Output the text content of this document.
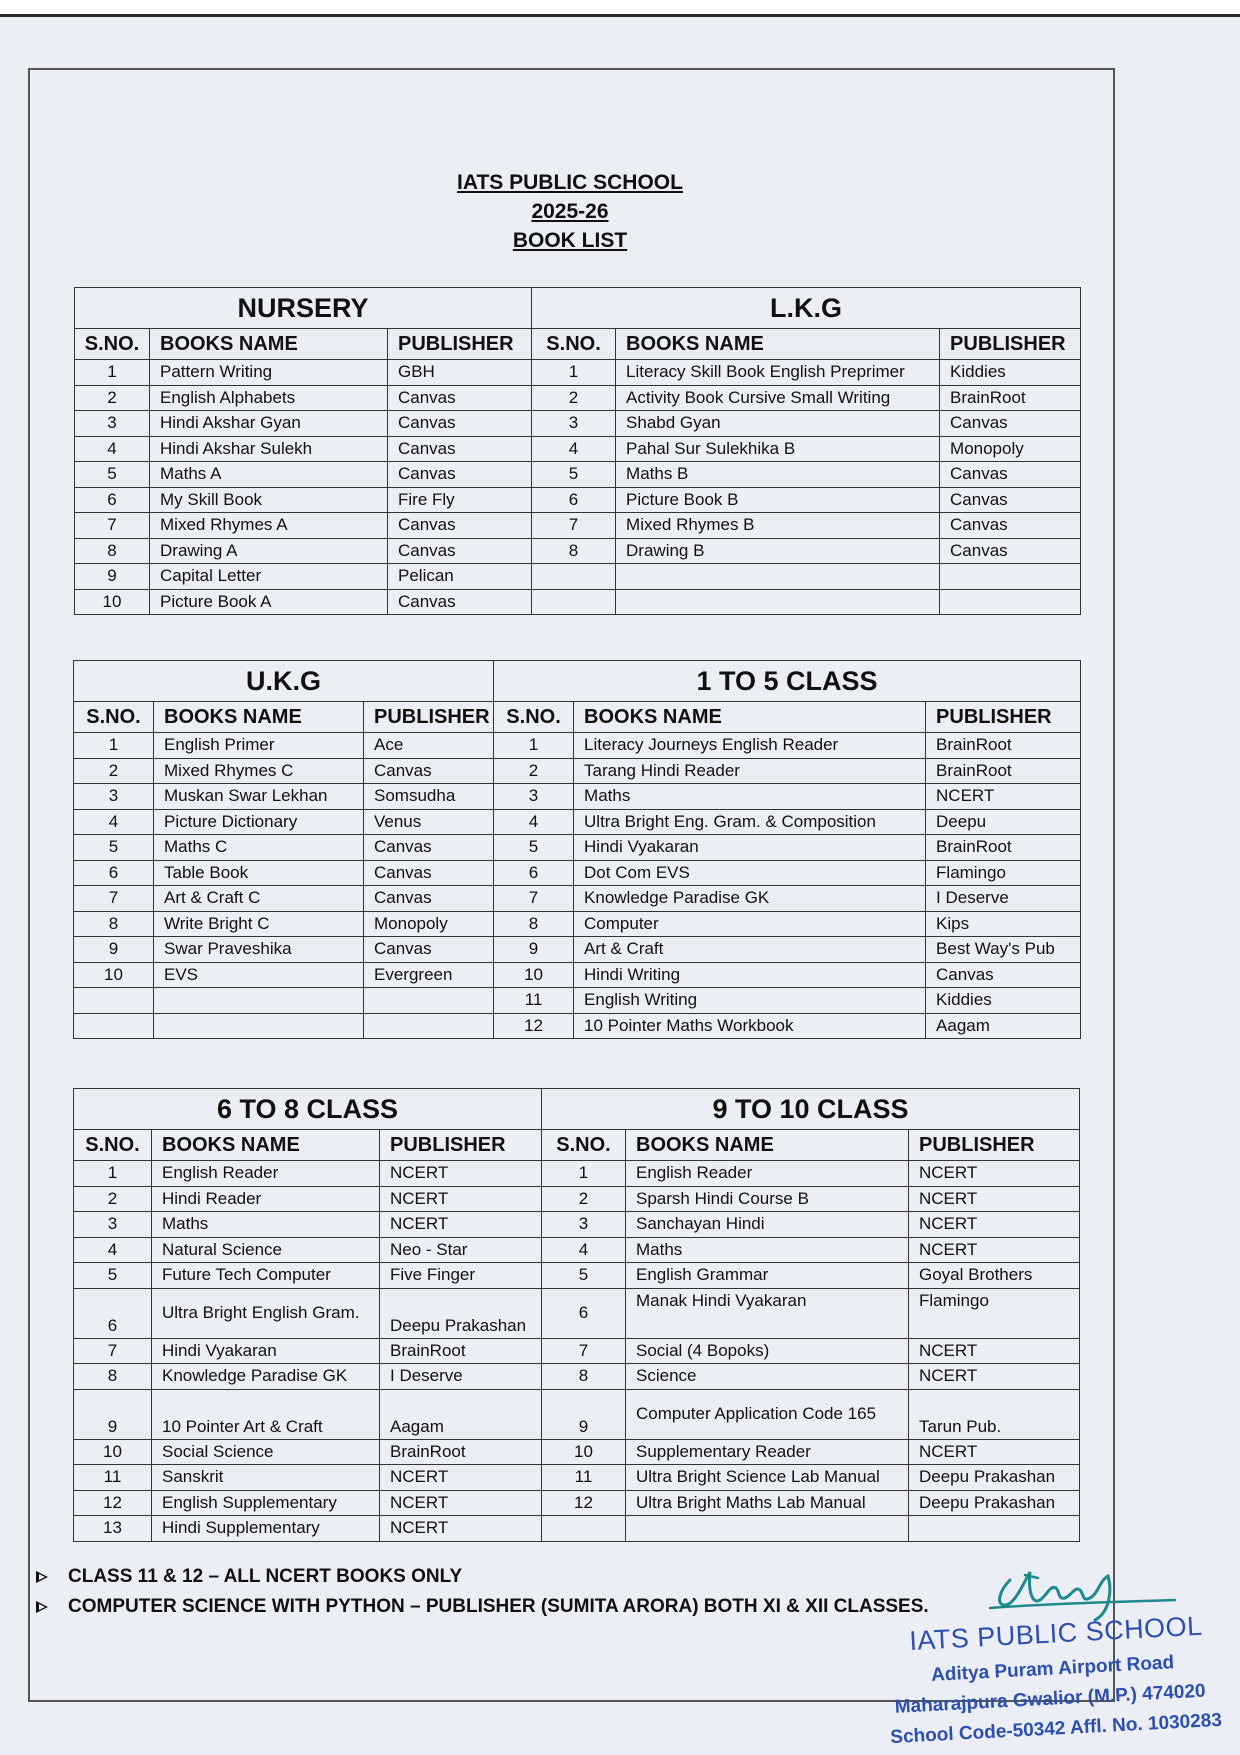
IATS PUBLIC SCHOOL
2025-26
BOOK LIST
NURSERY			L.K.G		
S.NO.	BOOKS NAME	PUBLISHER	S.NO.	BOOKS NAME	PUBLISHER
1	Pattern Writing	GBH	1	Literacy Skill Book English Preprimer	Kiddies
2	English Alphabets	Canvas	2	Activity Book Cursive Small Writing	BrainRoot
3	Hindi Akshar Gyan	Canvas	3	Shabd Gyan	Canvas
4	Hindi Akshar Sulekh	Canvas	4	Pahal Sur Sulekhika B	Monopoly
5	Maths A	Canvas	5	Maths B	Canvas
6	My Skill Book	Fire Fly	6	Picture Book B	Canvas
7	Mixed Rhymes A	Canvas	7	Mixed Rhymes B	Canvas
8	Drawing A	Canvas	8	Drawing B	Canvas
9	Capital Letter	Pelican			
10	Picture Book A	Canvas			
U.K.G			1 TO 5 CLASS		
S.NO.	BOOKS NAME	PUBLISHER	S.NO.	BOOKS NAME	PUBLISHER
1	English Primer	Ace	1	Literacy Journeys English Reader	BrainRoot
2	Mixed Rhymes C	Canvas	2	Tarang Hindi Reader	BrainRoot
3	Muskan Swar Lekhan	Somsudha	3	Maths	NCERT
4	Picture Dictionary	Venus	4	Ultra Bright Eng. Gram. & Composition	Deepu
5	Maths C	Canvas	5	Hindi Vyakaran	BrainRoot
6	Table Book	Canvas	6	Dot Com EVS	Flamingo
7	Art & Craft C	Canvas	7	Knowledge Paradise GK	I Deserve
8	Write Bright C	Monopoly	8	Computer	Kips
9	Swar Praveshika	Canvas	9	Art & Craft	Best Way's Pub
10	EVS	Evergreen	10	Hindi Writing	Canvas
			11	English Writing	Kiddies
			12	10 Pointer Maths Workbook	Aagam
6 TO 8 CLASS			9 TO 10 CLASS		
S.NO.	BOOKS NAME	PUBLISHER	S.NO.	BOOKS NAME	PUBLISHER
1	English Reader	NCERT	1	English Reader	NCERT
2	Hindi Reader	NCERT	2	Sparsh Hindi Course B	NCERT
3	Maths	NCERT	3	Sanchayan Hindi	NCERT
4	Natural Science	Neo - Star	4	Maths	NCERT
5	Future Tech Computer	Five Finger	5	English Grammar	Goyal Brothers
6	Ultra Bright English Gram.	Deepu Prakashan	6	Manak Hindi Vyakaran	Flamingo
7	Hindi Vyakaran	BrainRoot	7	Social (4 Bopoks)	NCERT
8	Knowledge Paradise GK	I Deserve	8	Science	NCERT
9	10 Pointer Art & Craft	Aagam	9	Computer Application Code 165	Tarun Pub.
10	Social Science	BrainRoot	10	Supplementary Reader	NCERT
11	Sanskrit	NCERT	11	Ultra Bright Science Lab Manual	Deepu Prakashan
12	English Supplementary	NCERT	12	Ultra Bright Maths Lab Manual	Deepu Prakashan
13	Hindi Supplementary	NCERT			
CLASS 11 & 12 – ALL NCERT BOOKS ONLY
COMPUTER SCIENCE WITH PYTHON – PUBLISHER (SUMITA ARORA) BOTH XI & XII CLASSES.
IATS PUBLIC SCHOOL
Aditya Puram Airport Road
Maharajpura Gwalior (M.P.) 474020
School Code-50342 Affl. No. 1030283
